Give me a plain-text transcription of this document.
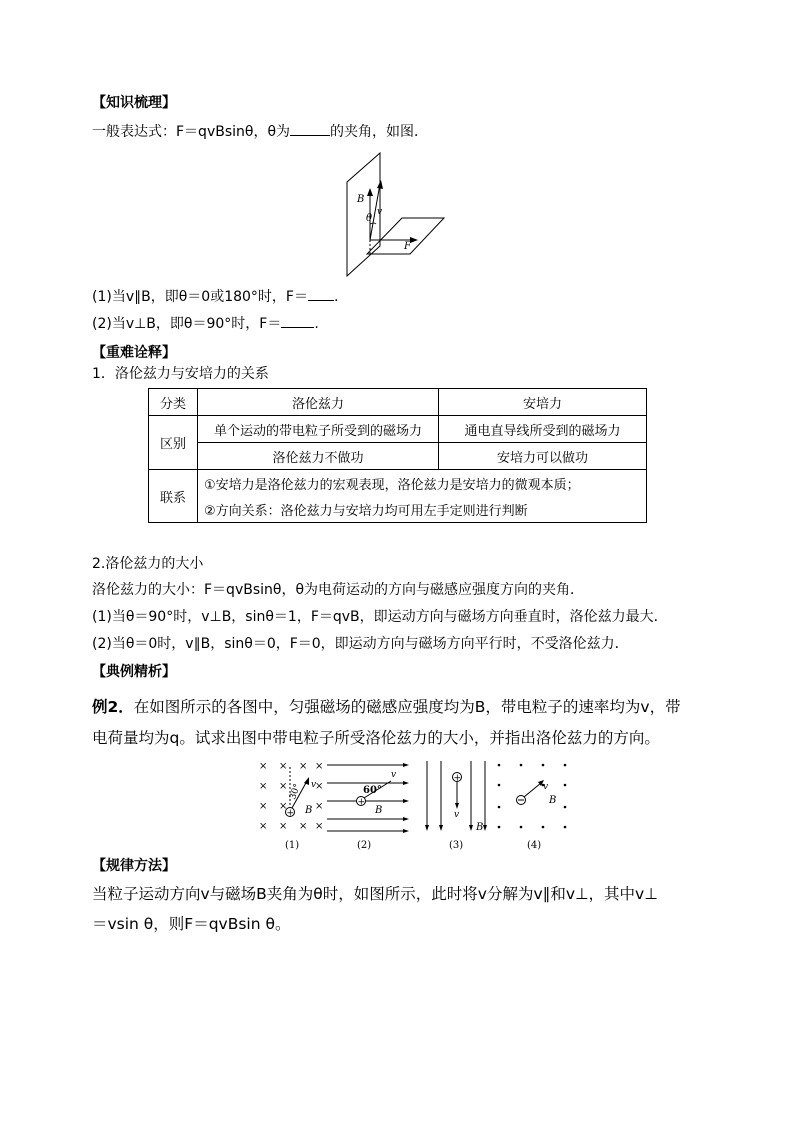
【知识梳理】
一般表达式：F＝qvBsinθ，θ为	的夹角，如图．
B
θ
v
F
(1)当v∥B，即θ＝0或180°时，F＝ .
(2)当v⊥B，即θ＝90°时，F＝ .
【重难诠释】
1．洛伦兹力与安培力的关系
分类	洛伦兹力	安培力
区别	单个运动的带电粒子所受到的磁场力	通电直导线所受到的磁场力
	洛伦兹力不做功	安培力可以做功
联系	①安培力是洛伦兹力的宏观表现，洛伦兹力是安培力的微观本质；	
	②方向关系：洛伦兹力与安培力均可用左手定则进行判断	
2.洛伦兹力的大小
洛伦兹力的大小：F＝qvBsinθ，θ为电荷运动的方向与磁感应强度方向的夹角．
(1)当θ＝90°时，v⊥B，sinθ＝1，F＝qvB，即运动方向与磁场方向垂直时，洛伦兹力最大．
(2)当θ＝0时，v∥B，sinθ＝0，F＝0，即运动方向与磁场方向平行时，不受洛伦兹力．
【典例精析】
例2．在如图所示的各图中，匀强磁场的磁感应强度均为B，带电粒子的速率均为v，带
电荷量均为q。试求出图中带电粒子所受洛伦兹力的大小，并指出洛伦兹力的方向。
× × × ×
× ×	×
× ×	×
× × × ×
+
v
30°
B
(1)
+
v
60°
B
(2)
+
v
B
(3)
v
B
(4)
【规律方法】
当粒子运动方向v与磁场B夹角为θ时，如图所示，此时将v分解为v∥和v⊥，其中v⊥
＝vsin θ，则F＝qvBsin θ。
